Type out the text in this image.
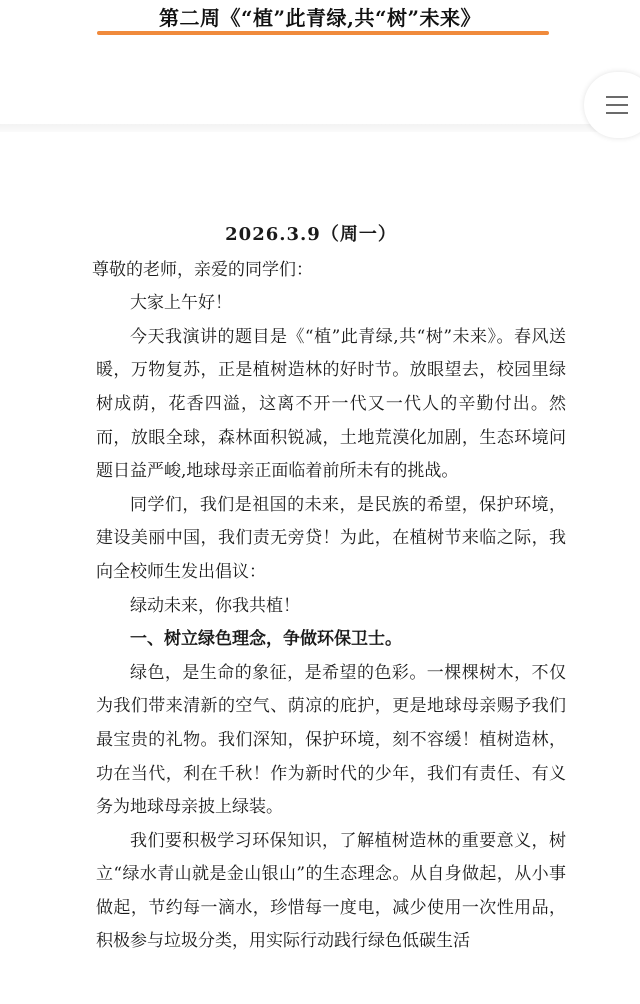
第二周《“植”此青绿,共“树”未来》
2026.3.9（周一）

尊敬的老师，亲爱的同学们：

大家上午好！

今天我演讲的题目是《“植”此青绿,共“树”未来》。春风送暖，万物复苏，正是植树造林的好时节。放眼望去，校园里绿树成荫，花香四溢，这离不开一代又一代人的辛勤付出。然而，放眼全球，森林面积锐减，土地荒漠化加剧，生态环境问题日益严峻,地球母亲正面临着前所未有的挑战。

同学们，我们是祖国的未来，是民族的希望，保护环境，建设美丽中国，我们责无旁贷！为此，在植树节来临之际，我向全校师生发出倡议：

绿动未来，你我共植！

一、树立绿色理念，争做环保卫士。

绿色，是生命的象征，是希望的色彩。一棵棵树木，不仅为我们带来清新的空气、荫凉的庇护，更是地球母亲赐予我们最宝贵的礼物。我们深知，保护环境，刻不容缓！植树造林，功在当代，利在千秋！作为新时代的少年，我们有责任、有义务为地球母亲披上绿装。

我们要积极学习环保知识，了解植树造林的重要意义，树立“绿水青山就是金山银山”的生态理念。从自身做起，从小事做起，节约每一滴水，珍惜每一度电，减少使用一次性用品，积极参与垃圾分类，用实际行动践行绿色低碳生活
